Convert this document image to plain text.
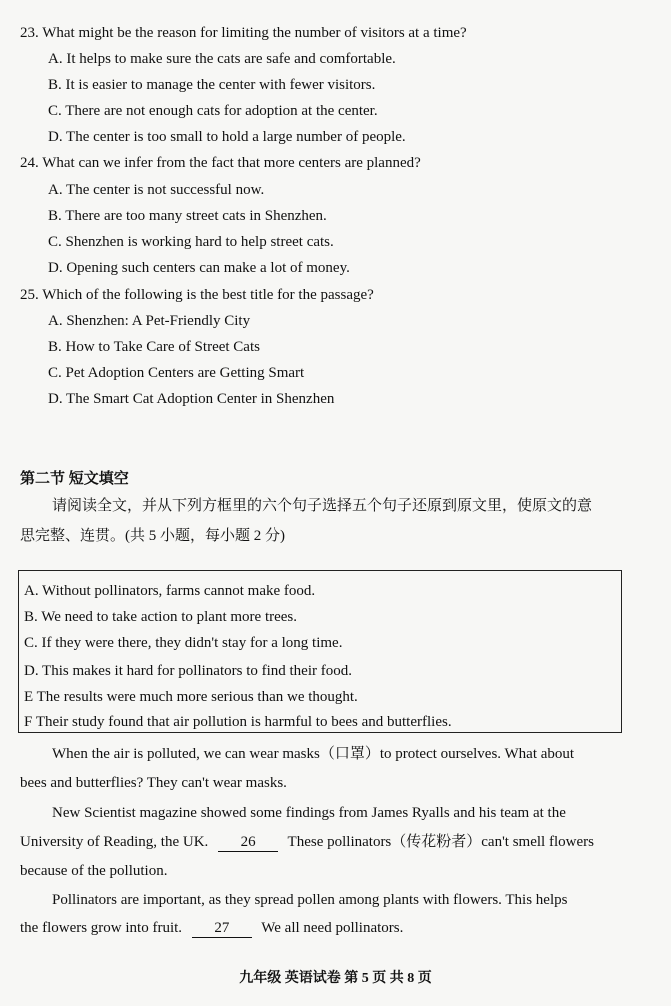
23. What might be the reason for limiting the number of visitors at a time?
A. It helps to make sure the cats are safe and comfortable.
B. It is easier to manage the center with fewer visitors.
C. There are not enough cats for adoption at the center.
D. The center is too small to hold a large number of people.
24. What can we infer from the fact that more centers are planned?
A. The center is not successful now.
B. There are too many street cats in Shenzhen.
C. Shenzhen is working hard to help street cats.
D. Opening such centers can make a lot of money.
25. Which of the following is the best title for the passage?
A. Shenzhen: A Pet-Friendly City
B. How to Take Care of Street Cats
C. Pet Adoption Centers are Getting Smart
D. The Smart Cat Adoption Center in Shenzhen
第二节 短文填空
请阅读全文，并从下列方框里的六个句子选择五个句子还原到原文里，使原文的意
思完整、连贯。(共 5 小题，每小题 2 分)
A. Without pollinators, farms cannot make food.
B. We need to take action to plant more trees.
C. If they were there, they didn't stay for a long time.
D. This makes it hard for pollinators to find their food.
E The results were much more serious than we thought.
F Their study found that air pollution is harmful to bees and butterflies.
When the air is polluted, we can wear masks（口罩）to protect ourselves. What about
bees and butterflies? They can't wear masks.
New Scientist magazine showed some findings from James Ryalls and his team at the
University of Reading, the UK. 26 These pollinators（传花粉者）can't smell flowers
because of the pollution.
Pollinators are important, as they spread pollen among plants with flowers. This helps
the flowers grow into fruit. 27 We all need pollinators.
九年级 英语试卷 第 5 页 共 8 页
